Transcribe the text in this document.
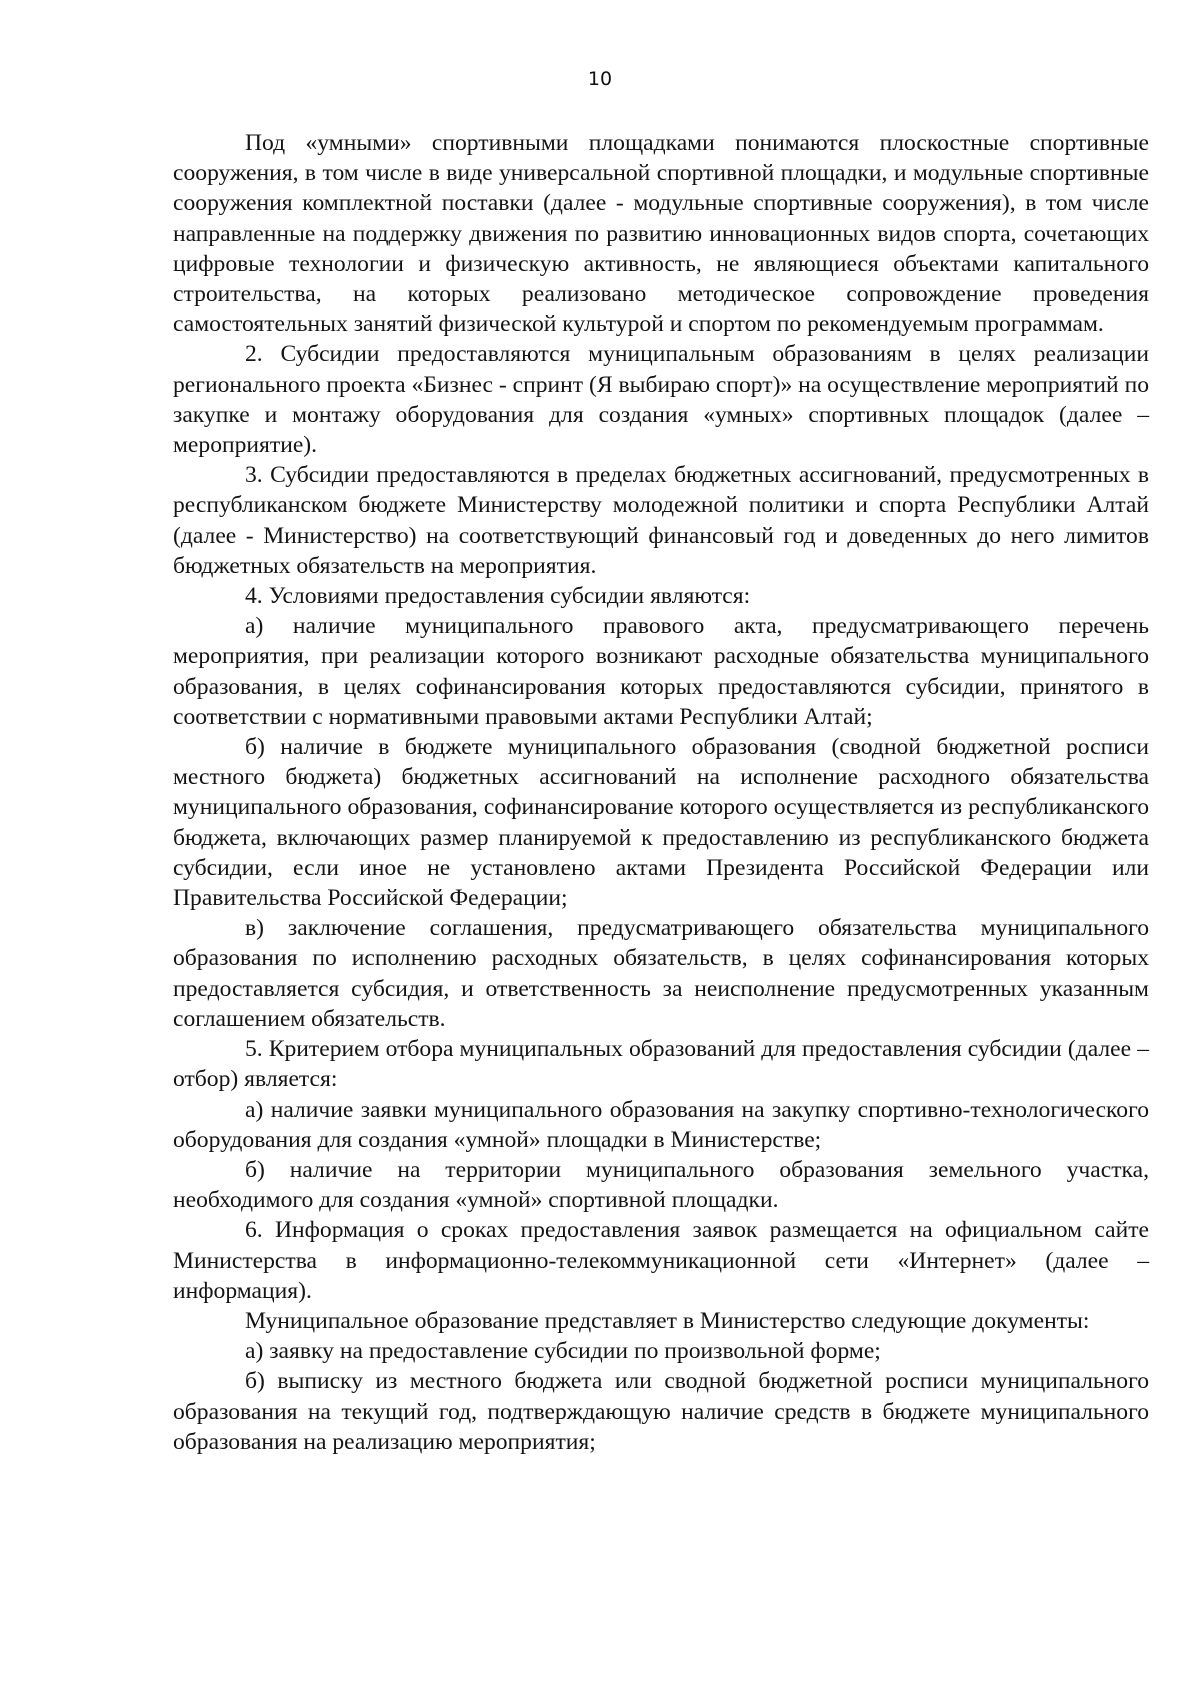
10

Под «умными» спортивными площадками понимаются плоскостные спортивные сооружения, в том числе в виде универсальной спортивной площадки, и модульные спортивные сооружения комплектной поставки (далее - модульные спортивные сооружения), в том числе направленные на поддержку движения по развитию инновационных видов спорта, сочетающих цифровые технологии и физическую активность, не являющиеся объектами капитального строительства, на которых реализовано методическое сопровождение проведения самостоятельных занятий физической культурой и спортом по рекомендуемым программам.

2. Субсидии предоставляются муниципальным образованиям в целях реализации регионального проекта «Бизнес - спринт (Я выбираю спорт)» на осуществление мероприятий по закупке и монтажу оборудования для создания «умных» спортивных площадок (далее – мероприятие).

3. Субсидии предоставляются в пределах бюджетных ассигнований, предусмотренных в республиканском бюджете Министерству молодежной политики и спорта Республики Алтай (далее - Министерство) на соответствующий финансовый год и доведенных до него лимитов бюджетных обязательств на мероприятия.

4. Условиями предоставления субсидии являются:

а) наличие муниципального правового акта, предусматривающего перечень мероприятия, при реализации которого возникают расходные обязательства муниципального образования, в целях софинансирования которых предоставляются субсидии, принятого в соответствии с нормативными правовыми актами Республики Алтай;

б) наличие в бюджете муниципального образования (сводной бюджетной росписи местного бюджета) бюджетных ассигнований на исполнение расходного обязательства муниципального образования, софинансирование которого осуществляется из республиканского бюджета, включающих размер планируемой к предоставлению из республиканского бюджета субсидии, если иное не установлено актами Президента Российской Федерации или Правительства Российской Федерации;

в) заключение соглашения, предусматривающего обязательства муниципального образования по исполнению расходных обязательств, в целях софинансирования которых предоставляется субсидия, и ответственность за неисполнение предусмотренных указанным соглашением обязательств.

5. Критерием отбора муниципальных образований для предоставления субсидии (далее – отбор) является:

а) наличие заявки муниципального образования на закупку спортивно-технологического оборудования для создания «умной» площадки в Министерстве;

б) наличие на территории муниципального образования земельного участка, необходимого для создания «умной» спортивной площадки.

6. Информация о сроках предоставления заявок размещается на официальном сайте Министерства в информационно-телекоммуникационной сети «Интернет» (далее – информация).

Муниципальное образование представляет в Министерство следующие документы:

а) заявку на предоставление субсидии по произвольной форме;

б) выписку из местного бюджета или сводной бюджетной росписи муниципального образования на текущий год, подтверждающую наличие средств в бюджете муниципального образования на реализацию мероприятия;
